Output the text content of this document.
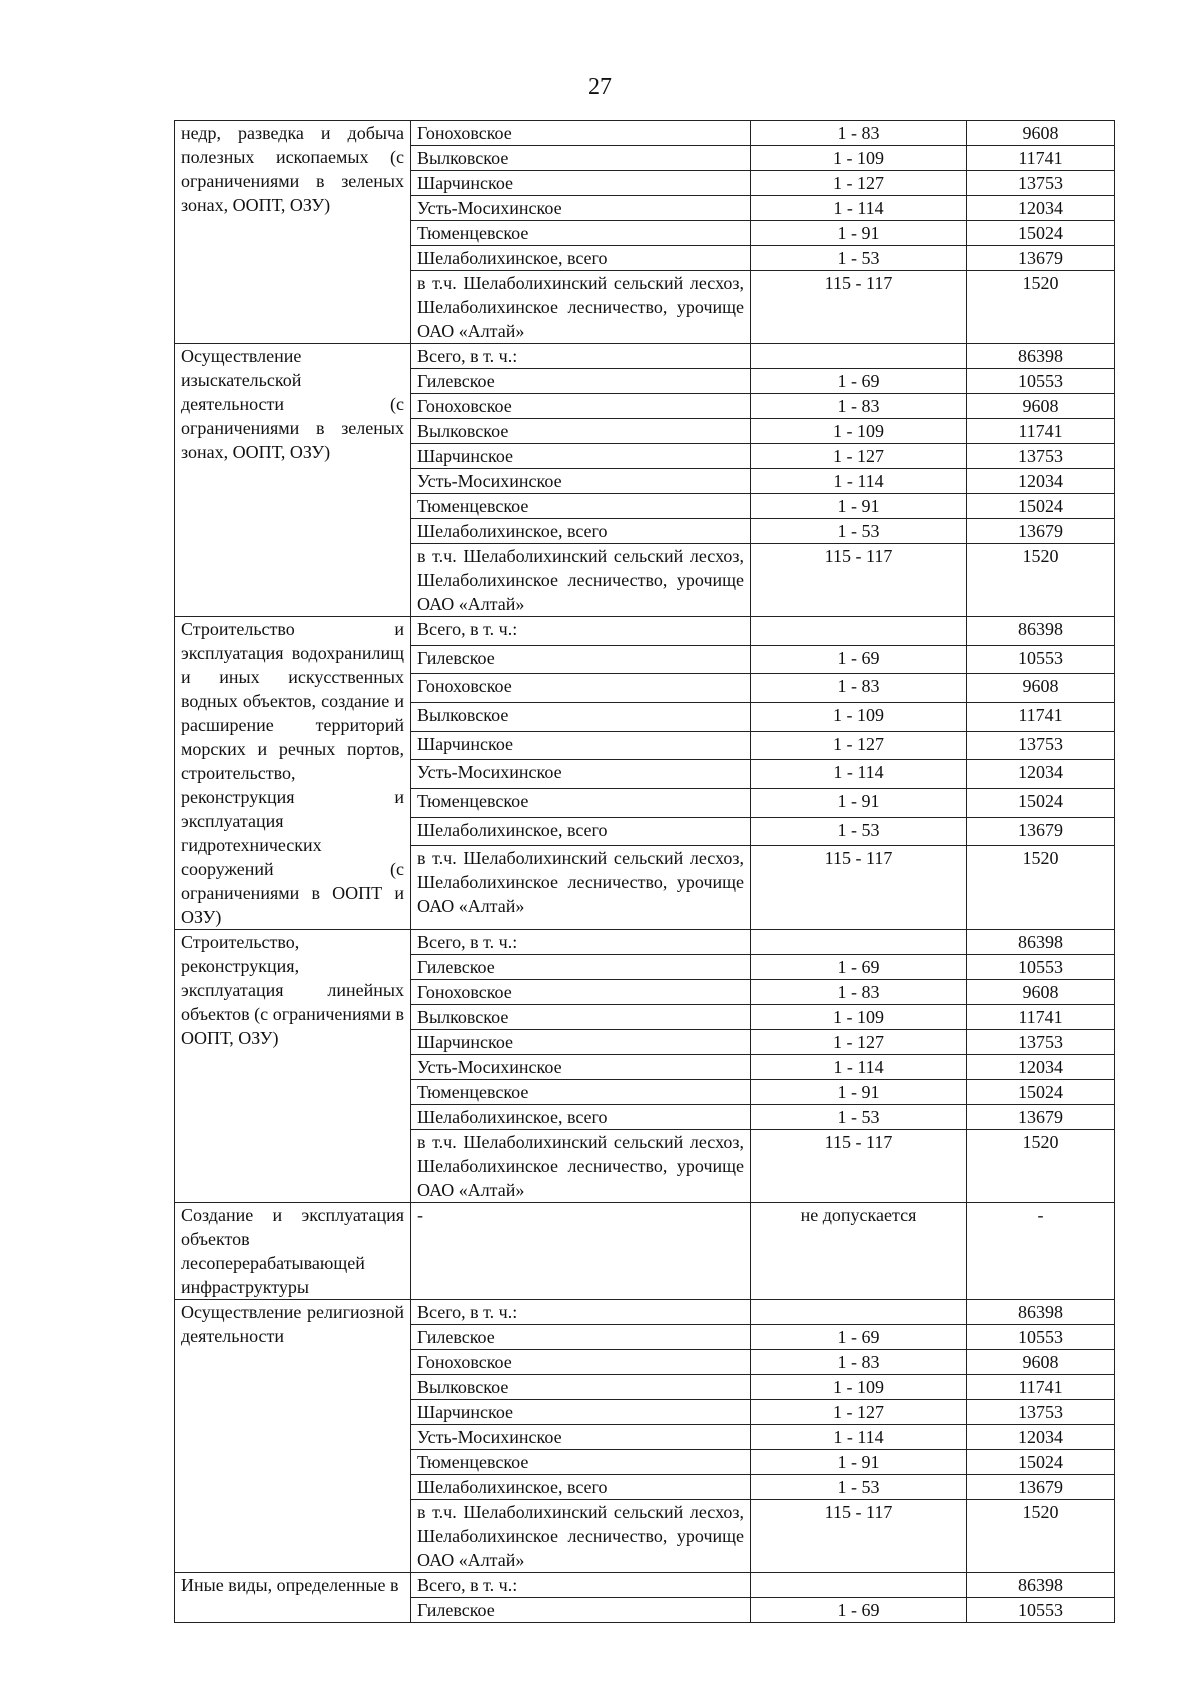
27
недр, разведка и добыча полезных ископаемых (с ограничениями в зеленых зонах, ООПТ, ОЗУ)	Гоноховское	1 - 83	9608
	Вылковское	1 - 109	11741
	Шарчинское	1 - 127	13753
	Усть-Мосихинское	1 - 114	12034
	Тюменцевское	1 - 91	15024
	Шелаболихинское, всего	1 - 53	13679
	в т.ч. Шелаболихинский сельский лесхоз, Шелаболихинское лесничество, урочище ОАО «Алтай»	115 - 117	1520
Осуществление изыскательской деятельности (с ограничениями в зеленых зонах, ООПТ, ОЗУ)	Всего, в т. ч.:		86398
	Гилевское	1 - 69	10553
	Гоноховское	1 - 83	9608
	Вылковское	1 - 109	11741
	Шарчинское	1 - 127	13753
	Усть-Мосихинское	1 - 114	12034
	Тюменцевское	1 - 91	15024
	Шелаболихинское, всего	1 - 53	13679
	в т.ч. Шелаболихинский сельский лесхоз, Шелаболихинское лесничество, урочище ОАО «Алтай»	115 - 117	1520
Строительство и эксплуатация водохранилищ и иных искусственных водных объектов, создание и расширение территорий морских и речных портов, строительство, реконструкция и эксплуатация гидротехнических сооружений (с ограничениями в ООПТ и ОЗУ)	Всего, в т. ч.:		86398
	Гилевское	1 - 69	10553
	Гоноховское	1 - 83	9608
	Вылковское	1 - 109	11741
	Шарчинское	1 - 127	13753
	Усть-Мосихинское	1 - 114	12034
	Тюменцевское	1 - 91	15024
	Шелаболихинское, всего	1 - 53	13679
	в т.ч. Шелаболихинский сельский лесхоз, Шелаболихинское лесничество, урочище ОАО «Алтай»	115 - 117	1520
Строительство, реконструкция, эксплуатация линейных объектов (с ограничениями в ООПТ, ОЗУ)	Всего, в т. ч.:		86398
	Гилевское	1 - 69	10553
	Гоноховское	1 - 83	9608
	Вылковское	1 - 109	11741
	Шарчинское	1 - 127	13753
	Усть-Мосихинское	1 - 114	12034
	Тюменцевское	1 - 91	15024
	Шелаболихинское, всего	1 - 53	13679
	в т.ч. Шелаболихинский сельский лесхоз, Шелаболихинское лесничество, урочище ОАО «Алтай»	115 - 117	1520
Создание и эксплуатация объектов лесоперерабатывающей инфраструктуры	-	не допускается	-
Осуществление религиозной деятельности	Всего, в т. ч.:		86398
	Гилевское	1 - 69	10553
	Гоноховское	1 - 83	9608
	Вылковское	1 - 109	11741
	Шарчинское	1 - 127	13753
	Усть-Мосихинское	1 - 114	12034
	Тюменцевское	1 - 91	15024
	Шелаболихинское, всего	1 - 53	13679
	в т.ч. Шелаболихинский сельский лесхоз, Шелаболихинское лесничество, урочище ОАО «Алтай»	115 - 117	1520
Иные виды, определенные в	Всего, в т. ч.:		86398
	Гилевское	1 - 69	10553
